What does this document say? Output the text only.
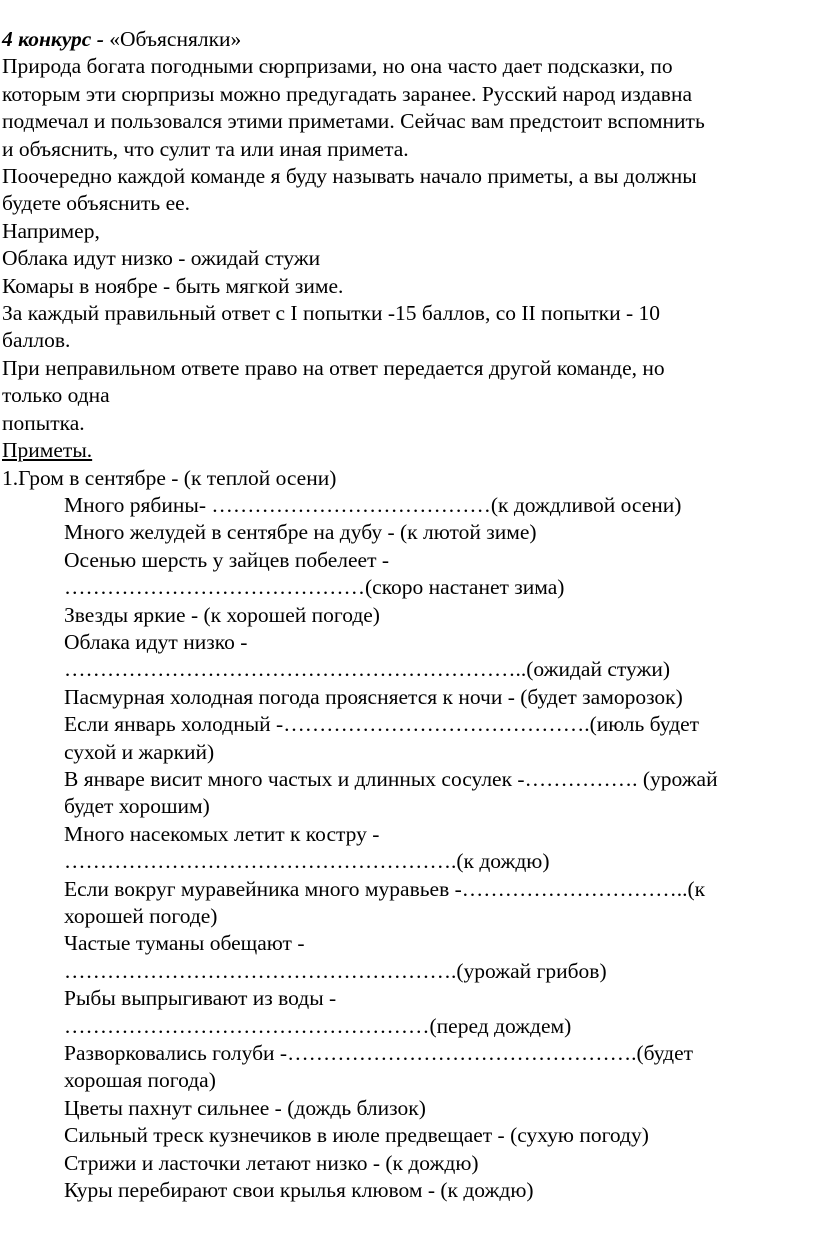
4 конкурс - «Объяснялки»
Природа богата погодными сюрпризами, но она часто дает подсказки, по
которым эти сюрпризы можно предугадать заранее. Русский народ издавна
подмечал и пользовался этими приметами. Сейчас вам предстоит вспомнить
и объяснить, что сулит та или иная примета.
Поочередно каждой команде я буду называть начало приметы, а вы должны
будете объяснить ее.
Например,
Облака идут низко - ожидай стужи
Комары в ноябре - быть мягкой зиме.
За каждый правильный ответ с I попытки -15 баллов, со II попытки - 10
баллов.
При неправильном ответе право на ответ передается другой команде, но
только одна
попытка.
Приметы.
1.Гром в сентябре - (к теплой осени)
Много рябины- …………………………………(к дождливой осени)
Много желудей в сентябре на дубу - (к лютой зиме)
Осенью шерсть у зайцев побелеет -
……………………………………(скоро настанет зима)
Звезды яркие - (к хорошей погоде)
Облака идут низко -
………………………………………………………..(ожидай стужи)
Пасмурная холодная погода проясняется к ночи - (будет заморозок)
Если январь холодный -…………………………………….(июль будет
сухой и жаркий)
В январе висит много частых и длинных сосулек -……………. (урожай
будет хорошим)
Много насекомых летит к костру -
……………………………………………….(к дождю)
Если вокруг муравейника много муравьев -…………………………..(к
хорошей погоде)
Частые туманы обещают -
……………………………………………….(урожай грибов)
Рыбы выпрыгивают из воды -
……………………………………………(перед дождем)
Разворковались голуби -………………………………………….(будет
хорошая погода)
Цветы пахнут сильнее - (дождь близок)
Сильный треск кузнечиков в июле предвещает - (сухую погоду)
Стрижи и ласточки летают низко - (к дождю)
Куры перебирают свои крылья клювом - (к дождю)
